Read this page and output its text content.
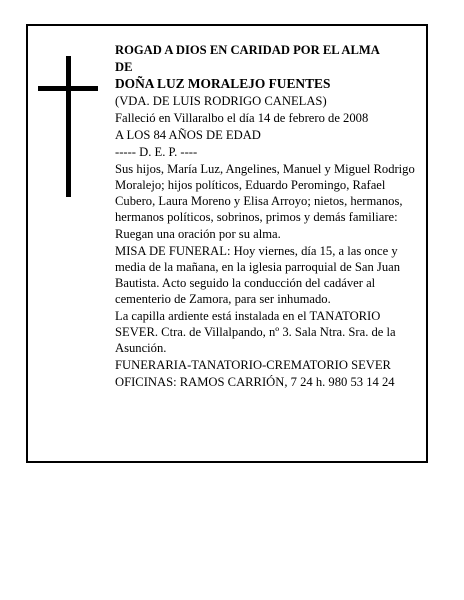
ROGAD A DIOS EN CARIDAD POR EL ALMA

DE

DOÑA LUZ MORALEJO FUENTES

(VDA. DE LUIS RODRIGO CANELAS)

Falleció en Villaralbo el día 14 de febrero de 2008

A LOS 84 AÑOS DE EDAD

----- D. E. P. ----

Sus hijos, María Luz, Angelines, Manuel y Miguel Rodrigo Moralejo; hijos políticos, Eduardo Peromingo, Rafael Cubero, Laura Moreno y Elisa Arroyo; nietos, hermanos, hermanos políticos, sobrinos, primos y demás familiare:

Ruegan una oración por su alma.

MISA DE FUNERAL: Hoy viernes, día 15, a las once y media de la mañana, en la iglesia parroquial de San Juan Bautista. Acto seguido la conducción del cadáver al cementerio de Zamora, para ser inhumado.

La capilla ardiente está instalada en el TANATORIO SEVER. Ctra. de Villalpando, nº 3. Sala Ntra. Sra. de la Asunción.

FUNERARIA-TANATORIO-CREMATORIO SEVER

OFICINAS: RAMOS CARRIÓN, 7 24 h. 980 53 14 24
